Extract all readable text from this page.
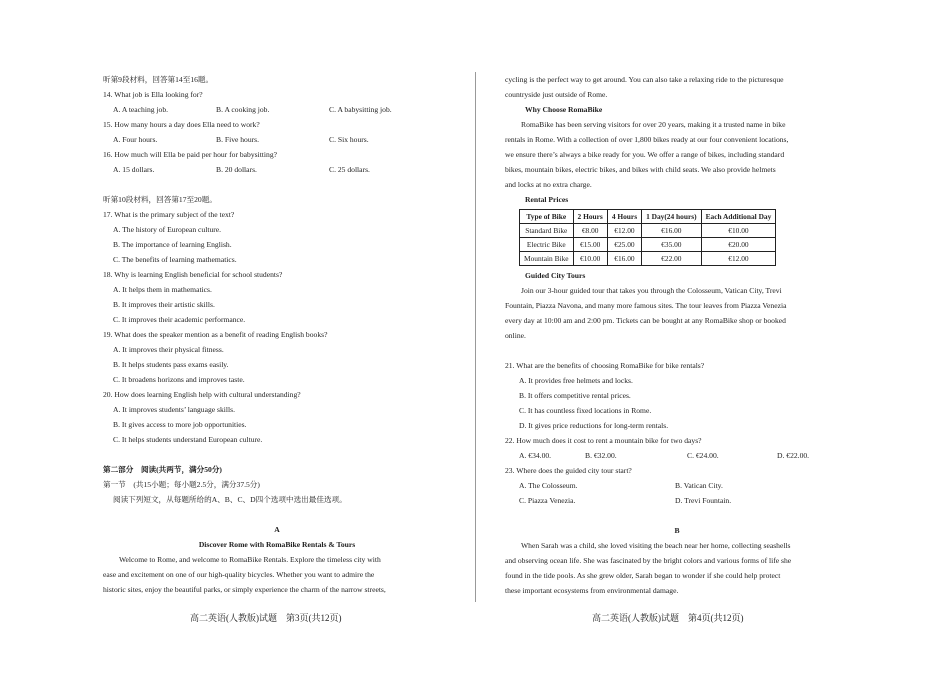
听第9段材料，回答第14至16题。
14. What job is Ella looking for?
A. A teaching job.	B. A cooking job.	C. A babysitting job.
15. How many hours a day does Ella need to work?
A. Four hours.	B. Five hours.	C. Six hours.
16. How much will Ella be paid per hour for babysitting?
A. 15 dollars.	B. 20 dollars.	C. 25 dollars.
听第10段材料，回答第17至20题。
17. What is the primary subject of the text?
A. The history of European culture.
B. The importance of learning English.
C. The benefits of learning mathematics.
18. Why is learning English beneficial for school students?
A. It helps them in mathematics.
B. It improves their artistic skills.
C. It improves their academic performance.
19. What does the speaker mention as a benefit of reading English books?
A. It improves their physical fitness.
B. It helps students pass exams easily.
C. It broadens horizons and improves taste.
20. How does learning English help with cultural understanding?
A. It improves students’ language skills.
B. It gives access to more job opportunities.
C. It helps students understand European culture.
第二部分　阅读(共两节，满分50分)
第一节　(共15小题；每小题2.5分，满分37.5分)
阅读下列短文，从每题所给的A、B、C、D四个选项中选出最佳选项。
A
Discover Rome with RomaBike Rentals & Tours
Welcome to Rome, and welcome to RomaBike Rentals. Explore the timeless city with
ease and excitement on one of our high-quality bicycles. Whether you want to admire the
historic sites, enjoy the beautiful parks, or simply experience the charm of the narrow streets,
cycling is the perfect way to get around. You can also take a relaxing ride to the picturesque
countryside just outside of Rome.
Why Choose RomaBike
RomaBike has been serving visitors for over 20 years, making it a trusted name in bike
rentals in Rome. With a collection of over 1,800 bikes ready at our four convenient locations,
we ensure there’s always a bike ready for you. We offer a range of bikes, including standard
bikes, mountain bikes, electric bikes, and bikes with child seats. We also provide helmets
and locks at no extra charge.
Rental Prices
Type of Bike	2 Hours	4 Hours	1 Day(24 hours)	Each Additional Day
Standard Bike	€8.00	€12.00	€16.00	€10.00
Electric Bike	€15.00	€25.00	€35.00	€20.00
Mountain Bike	€10.00	€16.00	€22.00	€12.00
Guided City Tours
Join our 3-hour guided tour that takes you through the Colosseum, Vatican City, Trevi
Fountain, Piazza Navona, and many more famous sites. The tour leaves from Piazza Venezia
every day at 10:00 am and 2:00 pm. Tickets can be bought at any RomaBike shop or booked
online.
21. What are the benefits of choosing RomaBike for bike rentals?
A. It provides free helmets and locks.
B. It offers competitive rental prices.
C. It has countless fixed locations in Rome.
D. It gives price reductions for long-term rentals.
22. How much does it cost to rent a mountain bike for two days?
A. €34.00.	B. €32.00.	C. €24.00.	D. €22.00.
23. Where does the guided city tour start?
A. The Colosseum.	B. Vatican City.
C. Piazza Venezia.	D. Trevi Fountain.
B
When Sarah was a child, she loved visiting the beach near her home, collecting seashells
and observing ocean life. She was fascinated by the bright colors and various forms of life she
found in the tide pools. As she grew older, Sarah began to wonder if she could help protect
these important ecosystems from environmental damage.
高二英语(人教版)试题　第3页(共12页)	高二英语(人教版)试题　第4页(共12页)
